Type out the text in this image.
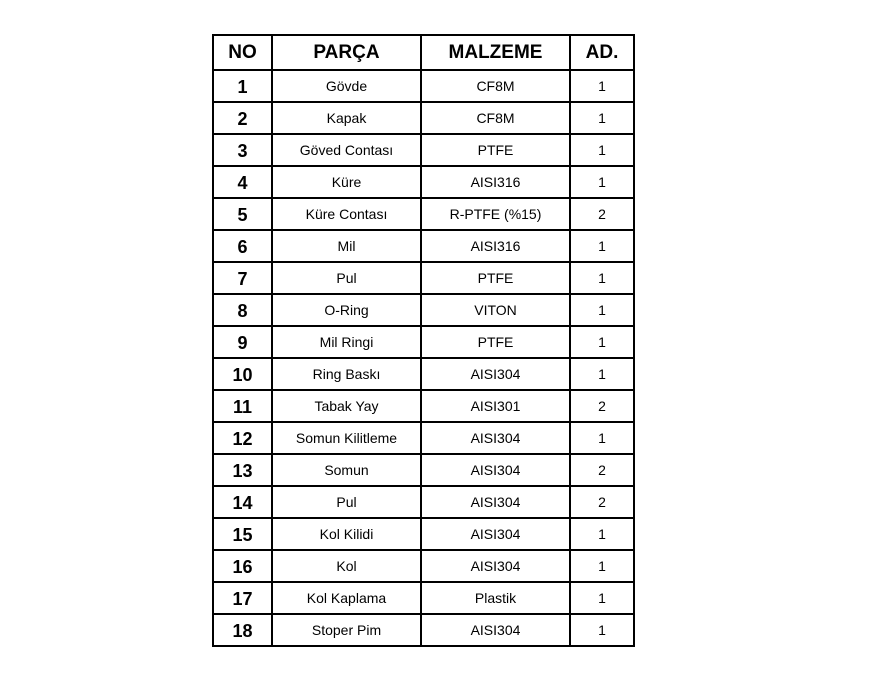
NO	PARÇA	MALZEME	AD.
1	Gövde	CF8M	1
2	Kapak	CF8M	1
3	Göved Contası	PTFE	1
4	Küre	AISI316	1
5	Küre Contası	R-PTFE (%15)	2
6	Mil	AISI316	1
7	Pul	PTFE	1
8	O-Ring	VITON	1
9	Mil Ringi	PTFE	1
10	Ring Baskı	AISI304	1
11	Tabak Yay	AISI301	2
12	Somun Kilitleme	AISI304	1
13	Somun	AISI304	2
14	Pul	AISI304	2
15	Kol Kilidi	AISI304	1
16	Kol	AISI304	1
17	Kol Kaplama	Plastik	1
18	Stoper Pim	AISI304	1
